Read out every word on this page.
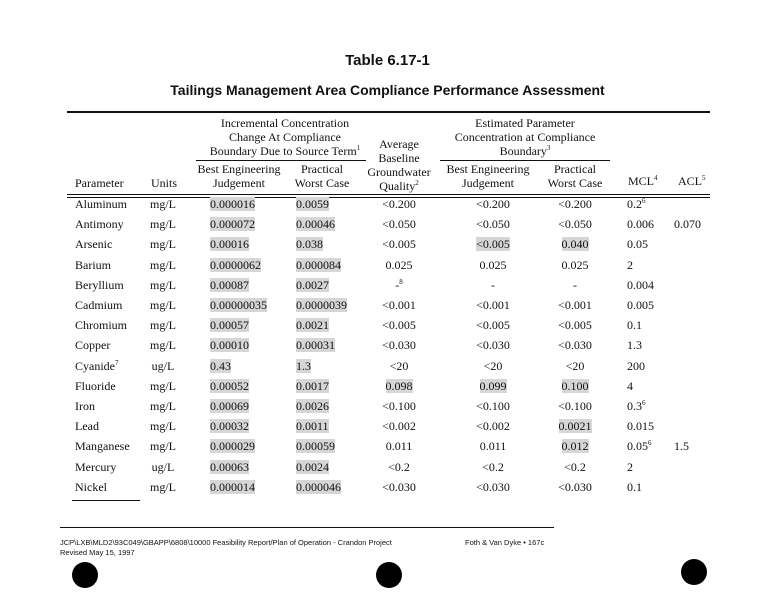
Table 6.17-1
Tailings Management Area Compliance Performance Assessment
Incremental Concentration
Change At Compliance
Boundary Due to Source Term$^1$
Estimated Parameter
Concentration at Compliance
Boundary$^3$
Average
Baseline
Groundwater
Quality$^2$
Best Engineering
Judgement
Practical
Worst Case
Best Engineering
Judgement
Practical
Worst Case
Parameter Units	MCL$^4$ ACL$^5$
Aluminum	mg/L	0.000016	0.0059	<0.200	<0.200	<0.200	$0.2^6$
Antimony	mg/L	0.000072	0.00046	<0.050	<0.050	<0.050	0.006	0.070
Arsenic	mg/L	0.00016	0.038	<0.005	<0.005	0.040	0.05
Barium	mg/L	0.0000062	0.000084	0.025	0.025	0.025	2
Beryllium	mg/L	0.00087	0.0027	-$^8$	-	-	0.004
Cadmium	mg/L	0.00000035	0.0000039	<0.001	<0.001	<0.001	0.005
Chromium	mg/L	0.00057	0.0021	<0.005	<0.005	<0.005	0.1
Copper	mg/L	0.00010	0.00031	<0.030	<0.030	<0.030	1.3
Cyanide$^7$	ug/L	0.43	1.3	<20	<20	<20	200
Fluoride	mg/L	0.00052	0.0017	0.098	0.099	0.100	4
Iron	mg/L	0.00069	0.0026	<0.100	<0.100	<0.100	$0.3^6$
Lead	mg/L	0.00032	0.0011	<0.002	<0.002	0.0021	0.015
Manganese	mg/L	0.000029	0.00059	0.011	0.011	0.012	0.05$^6$	1.5
Mercury	ug/L	0.00063	0.0024	<0.2	<0.2	<0.2	2
Nickel	mg/L	0.000014	0.000046	<0.030	<0.030	<0.030	0.1
JCP\LXB\MLD2\93C049\GBAPP\6808\10000 Feasibility Report/Plan of Operation - Crandon Project
Revised May 15, 1997
Foth & Van Dyke • 167c
